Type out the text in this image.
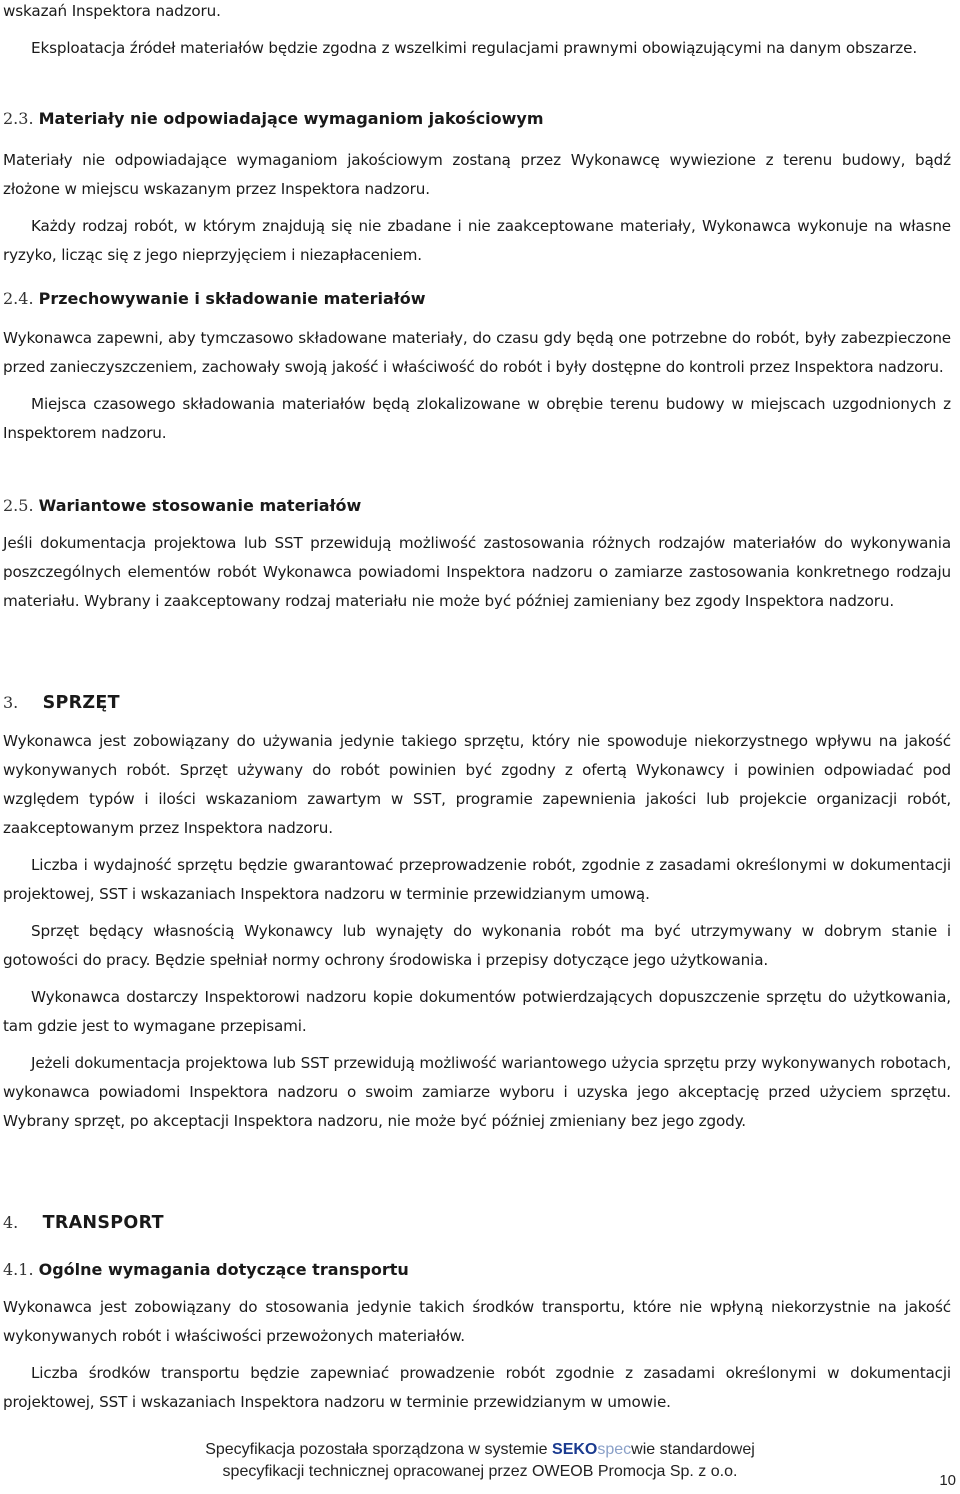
wskazań Inspektora nadzoru.

Eksploatacja źródeł materiałów będzie zgodna z wszelkimi regulacjami prawnymi obowiązującymi na danym obszarze.

2.3. Materiały nie odpowiadające wymaganiom jakościowym

Materiały nie odpowiadające wymaganiom jakościowym zostaną przez Wykonawcę wywiezione z terenu budowy, bądź złożone w miejscu wskazanym przez Inspektora nadzoru.

Każdy rodzaj robót, w którym znajdują się nie zbadane i nie zaakceptowane materiały, Wykonawca wykonuje na własne ryzyko, licząc się z jego nieprzyjęciem i niezapłaceniem.

2.4. Przechowywanie i składowanie materiałów

Wykonawca zapewni, aby tymczasowo składowane materiały, do czasu gdy będą one potrzebne do robót, były zabezpieczone przed zanieczyszczeniem, zachowały swoją jakość i właściwość do robót i były dostępne do kontroli przez Inspektora nadzoru.

Miejsca czasowego składowania materiałów będą zlokalizowane w obrębie terenu budowy w miejscach uzgodnionych z Inspektorem nadzoru.

2.5. Wariantowe stosowanie materiałów

Jeśli dokumentacja projektowa lub SST przewidują możliwość zastosowania różnych rodzajów materiałów do wykonywania poszczególnych elementów robót Wykonawca powiadomi Inspektora nadzoru o zamiarze zastosowania konkretnego rodzaju materiału. Wybrany i zaakceptowany rodzaj materiału nie może być później zamieniany bez zgody Inspektora nadzoru.

3. SPRZĘT

Wykonawca jest zobowiązany do używania jedynie takiego sprzętu, który nie spowoduje niekorzystnego wpływu na jakość wykonywanych robót. Sprzęt używany do robót powinien być zgodny z ofertą Wykonawcy i powinien odpowiadać pod względem typów i ilości wskazaniom zawartym w SST, programie zapewnienia jakości lub projekcie organizacji robót, zaakceptowanym przez Inspektora nadzoru.

Liczba i wydajność sprzętu będzie gwarantować przeprowadzenie robót, zgodnie z zasadami określonymi w dokumentacji projektowej, SST i wskazaniach Inspektora nadzoru w terminie przewidzianym umową.

Sprzęt będący własnością Wykonawcy lub wynajęty do wykonania robót ma być utrzymywany w dobrym stanie i gotowości do pracy. Będzie spełniał normy ochrony środowiska i przepisy dotyczące jego użytkowania.

Wykonawca dostarczy Inspektorowi nadzoru kopie dokumentów potwierdzających dopuszczenie sprzętu do użytkowania, tam gdzie jest to wymagane przepisami.

Jeżeli dokumentacja projektowa lub SST przewidują możliwość wariantowego użycia sprzętu przy wykonywanych robotach, wykonawca powiadomi Inspektora nadzoru o swoim zamiarze wyboru i uzyska jego akceptację przed użyciem sprzętu. Wybrany sprzęt, po akceptacji Inspektora nadzoru, nie może być później zmieniany bez jego zgody.

4. TRANSPORT
4.1. Ogólne wymagania dotyczące transportu

Wykonawca jest zobowiązany do stosowania jedynie takich środków transportu, które nie wpłyną niekorzystnie na jakość wykonywanych robót i właściwości przewożonych materiałów.

Liczba środków transportu będzie zapewniać prowadzenie robót zgodnie z zasadami określonymi w dokumentacji projektowej, SST i wskazaniach Inspektora nadzoru w terminie przewidzianym w umowie.

Specyfikacja pozostała sporządzona w systemie SEKOspecwie standardowej
specyfikacji technicznej opracowanej przez OWEOB Promocja Sp. z o.o.
10
